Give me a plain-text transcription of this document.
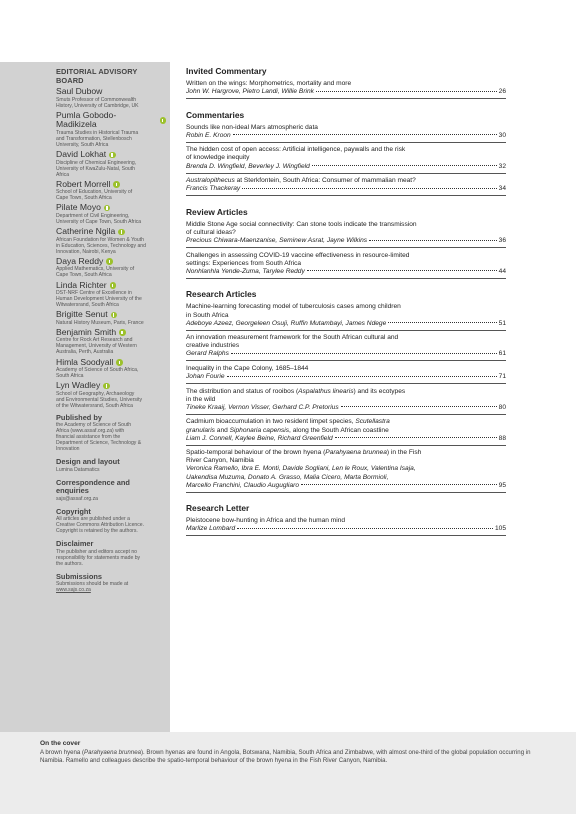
EDITORIAL ADVISORY
BOARD
Saul Dubow
Smuts Professor of Commonwealth
History, University of Cambridge, UK
Pumla Gobodo-Madikizela
Trauma Studies in Historical Trauma
and Transformation, Stellenbosch
University, South Africa
David Lokhat
Discipline of Chemical Engineering,
University of KwaZulu-Natal, South
Africa
Robert Morrell
School of Education, University of
Cape Town, South Africa
Pilate Moyo
Department of Civil Engineering,
University of Cape Town, South Africa
Catherine Ngila
African Foundation for Women & Youth
in Education, Sciences, Technology and
Innovation, Nairobi, Kenya
Daya Reddy
Applied Mathematics, University of
Cape Town, South Africa
Linda Richter
DST-NRF Centre of Excellence in
Human Development University of the
Witwatersrand, South Africa
Brigitte Senut
Natural History Museum, Paris, France
Benjamin Smith
Centre for Rock Art Research and
Management, University of Western
Australia, Perth, Australia
Himla Soodyall
Academy of Science of South Africa,
South Africa
Lyn Wadley
School of Geography, Archaeology
and Environmental Studies, University
of the Witwatersrand, South Africa
Published by
the Academy of Science of South
Africa (www.assaf.org.za) with
financial assistance from the
Department of Science, Technology &
Innovation
Design and layout
Lumina Datamatics
Correspondence and
enquiries
sajs@assaf.org.za
Copyright
All articles are published under a
Creative Commons Attribution Licence.
Copyright is retained by the authors.
Disclaimer
The publisher and editors accept no
responsibility for statements made by
the authors.
Submissions
Submissions should be made at
www.sajs.co.za
Invited Commentary
Written on the wings: Morphometrics, mortality and more
John W. Hargrove, Pietro Landi, Willie Brink	26
Commentaries
Sounds like non-ideal Mars atmospheric data
Robin E. Kroon	30
The hidden cost of open access: Artificial intelligence, paywalls and the risk
of knowledge inequity
Brenda D. Wingfield, Beverley J. Wingfield	32
Australopithecus at Sterkfontein, South Africa: Consumer of mammalian meat?
Francis Thackeray	34
Review Articles
Middle Stone Age social connectivity: Can stone tools indicate the transmission
of cultural ideas?
Precious Chiwara-Maenzanise, Seminew Asrat, Jayne Wilkins	36
Challenges in assessing COVID-19 vaccine effectiveness in resource-limited
settings: Experiences from South Africa
Nonhlanhla Yende-Zuma, Tarylee Reddy	44
Research Articles
Machine-learning forecasting model of tuberculosis cases among children
in South Africa
Adeboye Azeez, Georgeleen Osuji, Ruffin Mutambayi, James Ndege	51
An innovation measurement framework for the South African cultural and
creative industries
Gerard Ralphs	61
Inequality in the Cape Colony, 1685–1844
Johan Fourie	71
The distribution and status of rooibos (Aspalathus linearis) and its ecotypes
in the wild
Tineke Kraaij, Vernon Visser, Gerhard C.P. Pretorius	80
Cadmium bioaccumulation in two resident limpet species, Scutellastra
granularis and Siphonaria capensis, along the South African coastline
Liam J. Connell, Kaylee Beine, Richard Greenfield	88
Spatio-temporal behaviour of the brown hyena (Parahyaena brunnea) in the Fish
River Canyon, Namibia
Veronica Ramello, Ibra E. Monti, Davide Sogliani, Len le Roux, Valentina Isaja,
Uakendisa Muzuma, Donato A. Grasso, Malia Cicero, Marta Bormioli,
Marcello Franchini, Claudio Augugliaro	95
Research Letter
Pleistocene bow-hunting in Africa and the human mind
Marlize Lombard	105
On the cover
A brown hyena (Parahyaena brunnea). Brown hyenas are found in Angola, Botswana, Namibia, South Africa and Zimbabwe, with almost one-third of the global population occurring in Namibia. Ramello and colleagues describe the spatio-temporal behaviour of the brown hyena in the Fish River Canyon, Namibia.
